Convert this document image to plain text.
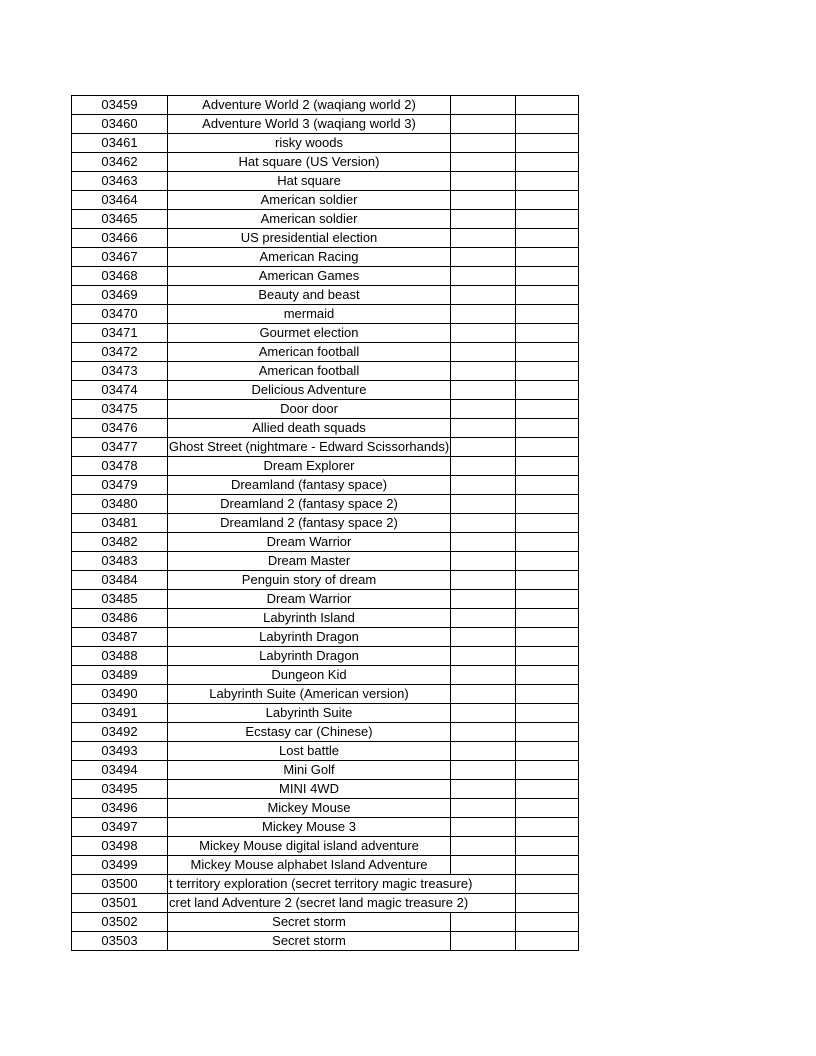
03459	Adventure World 2 (waqiang world 2)		

03460	Adventure World 3 (waqiang world 3)		

03461	risky woods		

03462	Hat square (US Version)		

03463	Hat square		

03464	American soldier		

03465	American soldier		

03466	US presidential election		

03467	American Racing		

03468	American Games		

03469	Beauty and beast		

03470	mermaid		

03471	Gourmet election		

03472	American football		

03473	American football		

03474	Delicious Adventure		

03475	Door door		

03476	Allied death squads		

03477	Ghost Street (nightmare - Edward Scissorhands)		

03478	Dream Explorer		

03479	Dreamland (fantasy space)		

03480	Dreamland 2 (fantasy space 2)		

03481	Dreamland 2 (fantasy space 2)		

03482	Dream Warrior		

03483	Dream Master		

03484	Penguin story of dream		

03485	Dream Warrior		

03486	Labyrinth Island		

03487	Labyrinth Dragon		

03488	Labyrinth Dragon		

03489	Dungeon Kid		

03490	Labyrinth Suite (American version)		

03491	Labyrinth Suite		

03492	Ecstasy car (Chinese)		

03493	Lost battle		

03494	Mini Golf		

03495	MINI 4WD		

03496	Mickey Mouse		

03497	Mickey Mouse 3		

03498	Mickey Mouse digital island adventure		

03499	Mickey Mouse alphabet Island Adventure		

03500	t territory exploration (secret territory magic treasure)		

03501	cret land Adventure 2 (secret land magic treasure 2)		

03502	Secret storm		

03503	Secret storm		
